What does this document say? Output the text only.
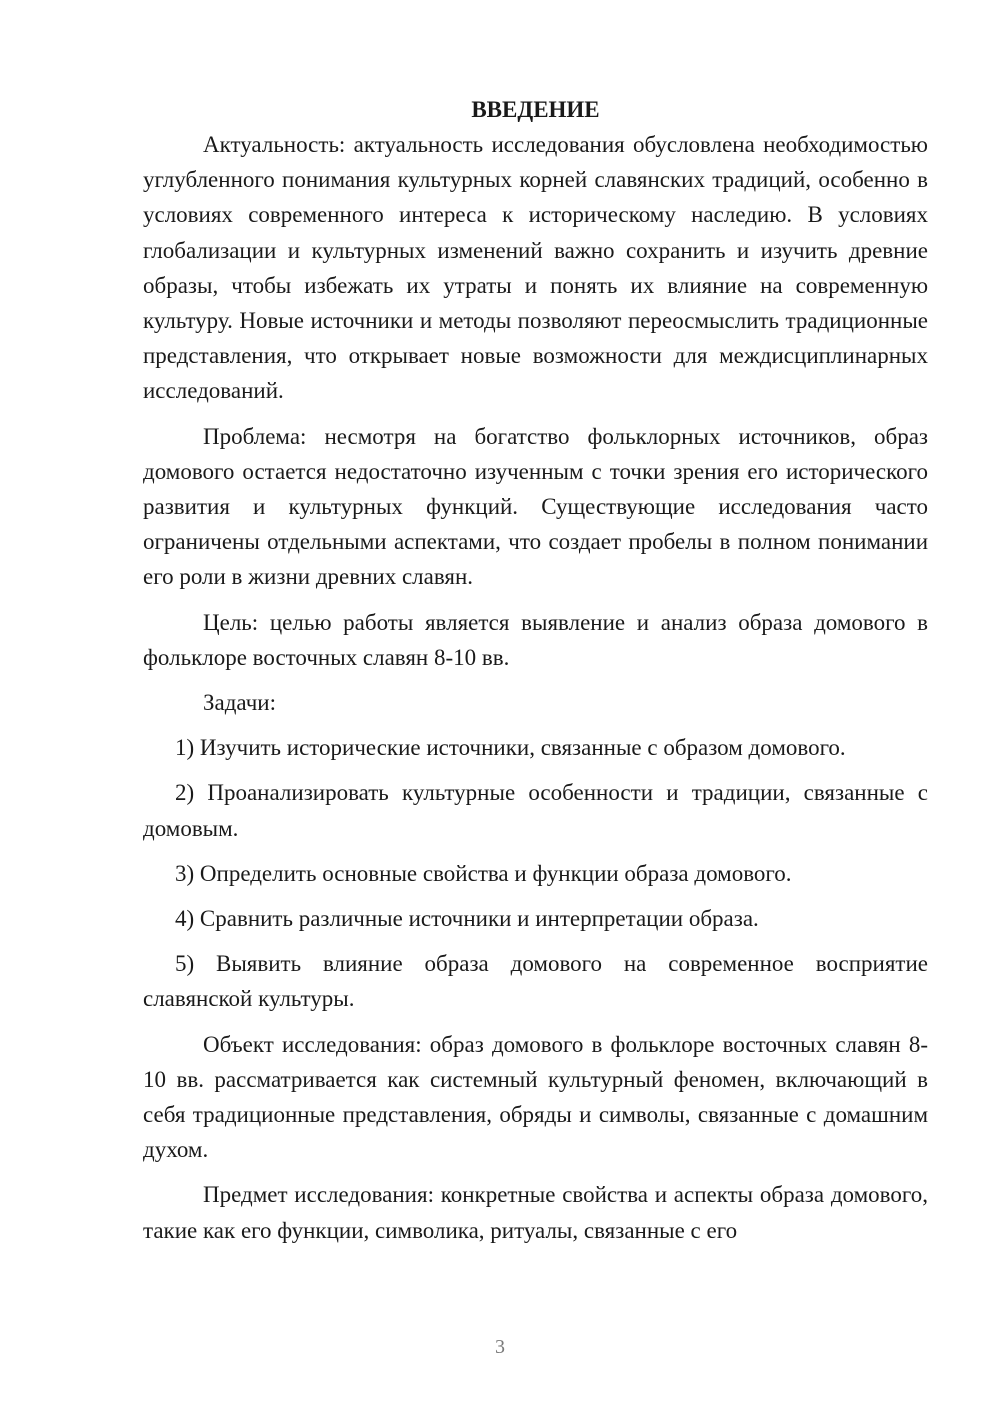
ВВЕДЕНИЕ

Актуальность: актуальность исследования обусловлена необходимостью углубленного понимания культурных корней славянских традиций, особенно в условиях современного интереса к историческому наследию. В условиях глобализации и культурных изменений важно сохранить и изучить древние образы, чтобы избежать их утраты и понять их влияние на современную культуру. Новые источники и методы позволяют переосмыслить традиционные представления, что открывает новые возможности для междисциплинарных исследований.

Проблема: несмотря на богатство фольклорных источников, образ домового остается недостаточно изученным с точки зрения его исторического развития и культурных функций. Существующие исследования часто ограничены отдельными аспектами, что создает пробелы в полном понимании его роли в жизни древних славян.

Цель: целью работы является выявление и анализ образа домового в фольклоре восточных славян 8-10 вв.

Задачи:

1) Изучить исторические источники, связанные с образом домового.

2) Проанализировать культурные особенности и традиции, связанные с домовым.

3) Определить основные свойства и функции образа домового.

4) Сравнить различные источники и интерпретации образа.

5) Выявить влияние образа домового на современное восприятие славянской культуры.

Объект исследования: образ домового в фольклоре восточных славян 8-10 вв. рассматривается как системный культурный феномен, включающий в себя традиционные представления, обряды и символы, связанные с домашним духом.

Предмет исследования: конкретные свойства и аспекты образа домового, такие как его функции, символика, ритуалы, связанные с его

3
